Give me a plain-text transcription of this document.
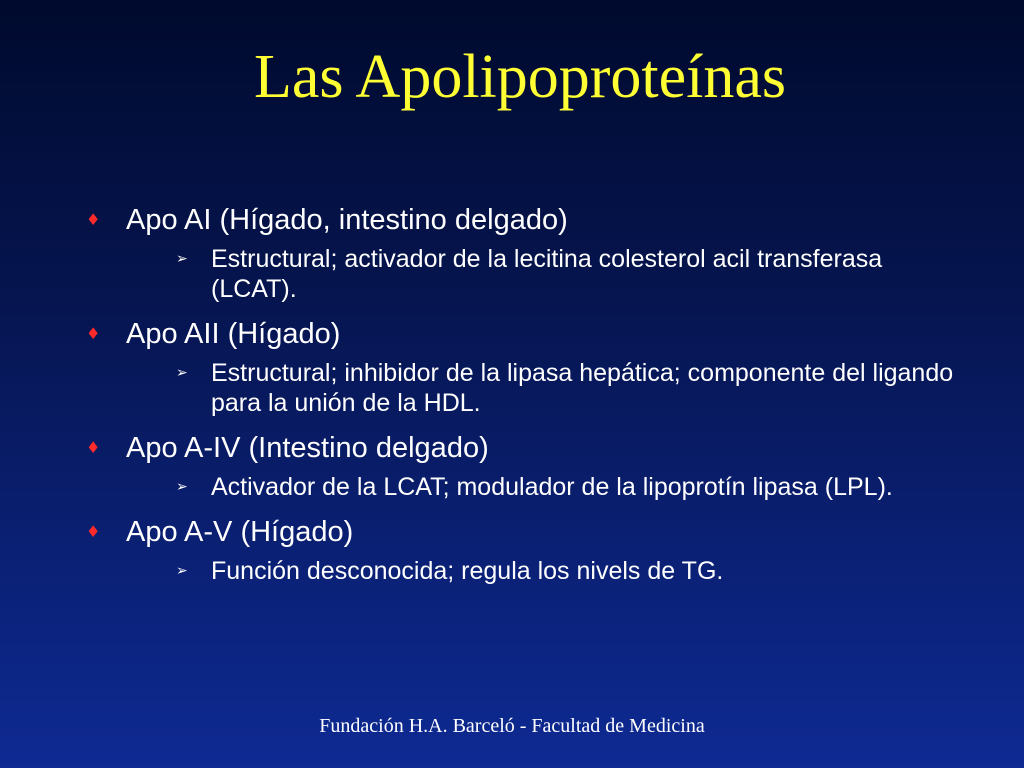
Las Apolipoproteínas
♦ Apo AI (Hígado, intestino delgado)
➢ Estructural; activador de la lecitina colesterol acil transferasa (LCAT).
♦ Apo AII (Hígado)
➢ Estructural; inhibidor de la lipasa hepática; componente del ligando para la unión de la HDL.
♦ Apo A-IV (Intestino delgado)
➢ Activador de la LCAT; modulador de la lipoprotín lipasa (LPL).
♦ Apo A-V (Hígado)
➢ Función desconocida; regula los nivels de TG.
Fundación H.A. Barceló - Facultad de Medicina
